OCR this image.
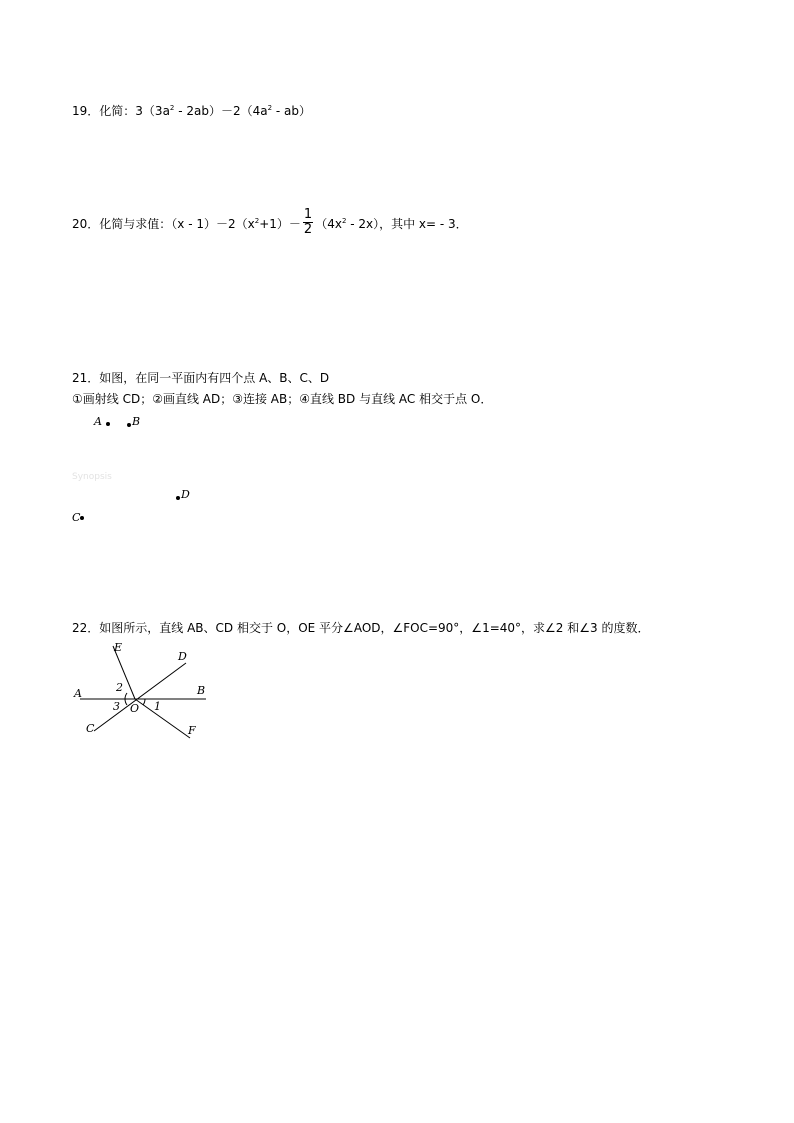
19．化简：$3(3a^2 - 2ab)-2(4a^2 - ab)$
20．化简与求值：$(x - 1)-2(x^2+1)- \frac{1}{2} (4x^2 - 2x)$，其中 x= - 3．
21．如图，在同一平面内有四个点 A、B、C、D
①画射线 CD；②画直线 AD；③连接 AB；④直线 BD 与直线 AC 相交于点 O．
A	B
Synopsis
D
C
22．如图所示，直线 AB、CD 相交于 O，OE 平分∠AOD，∠FOC=90°，∠1=40°，求∠2 和∠3 的度数．
E
D
A	B
C	F
O
2
3	1
